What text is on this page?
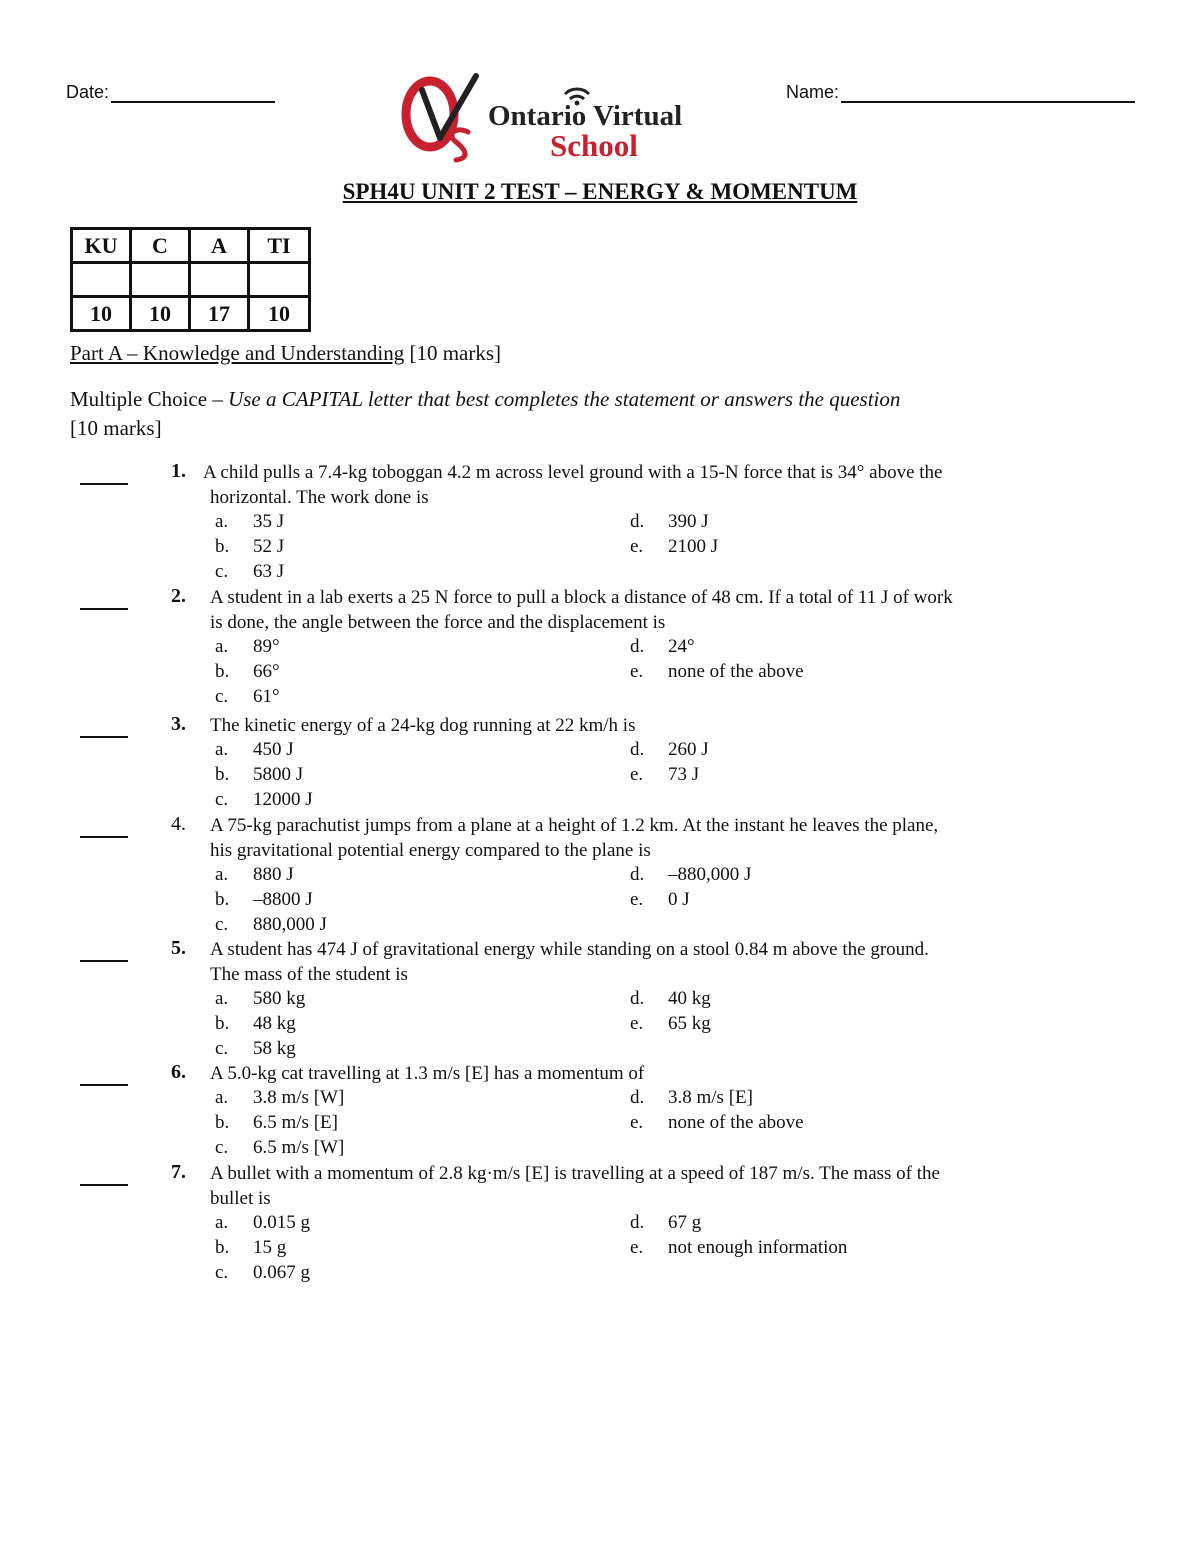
Date:	Name:
Ontario Virtual
School
SPH4U UNIT 2 TEST – ENERGY & MOMENTUM
KU	C	A	TI

10	10	17	10
Part A – Knowledge and Understanding [10 marks]
Multiple Choice – Use a CAPITAL letter that best completes the statement or answers the question
[10 marks]
1. A child pulls a 7.4-kg toboggan 4.2 m across level ground with a 15-N force that is 34° above the
horizontal. The work done is
a. 35 J
b. 52 J
c. 63 J
d. 390 J
e. 2100 J
2. A student in a lab exerts a 25 N force to pull a block a distance of 48 cm. If a total of 11 J of work
is done, the angle between the force and the displacement is
a. 89°
b. 66°
c. 61°
d. 24°
e. none of the above
3. The kinetic energy of a 24-kg dog running at 22 km/h is
a. 450 J
b. 5800 J
c. 12000 J
d. 260 J
e. 73 J
4. A 75-kg parachutist jumps from a plane at a height of 1.2 km. At the instant he leaves the plane,
his gravitational potential energy compared to the plane is
a. 880 J
b. –8800 J
c. 880,000 J
d. –880,000 J
e. 0 J
5. A student has 474 J of gravitational energy while standing on a stool 0.84 m above the ground.
The mass of the student is
a. 580 kg
b. 48 kg
c. 58 kg
d. 40 kg
e. 65 kg
6. A 5.0-kg cat travelling at 1.3 m/s [E] has a momentum of
a. 3.8 m/s [W]
b. 6.5 m/s [E]
c. 6.5 m/s [W]
d. 3.8 m/s [E]
e. none of the above
7. A bullet with a momentum of 2.8 kg·m/s [E] is travelling at a speed of 187 m/s. The mass of the
bullet is
a. 0.015 g
b. 15 g
c. 0.067 g
d. 67 g
e. not enough information
